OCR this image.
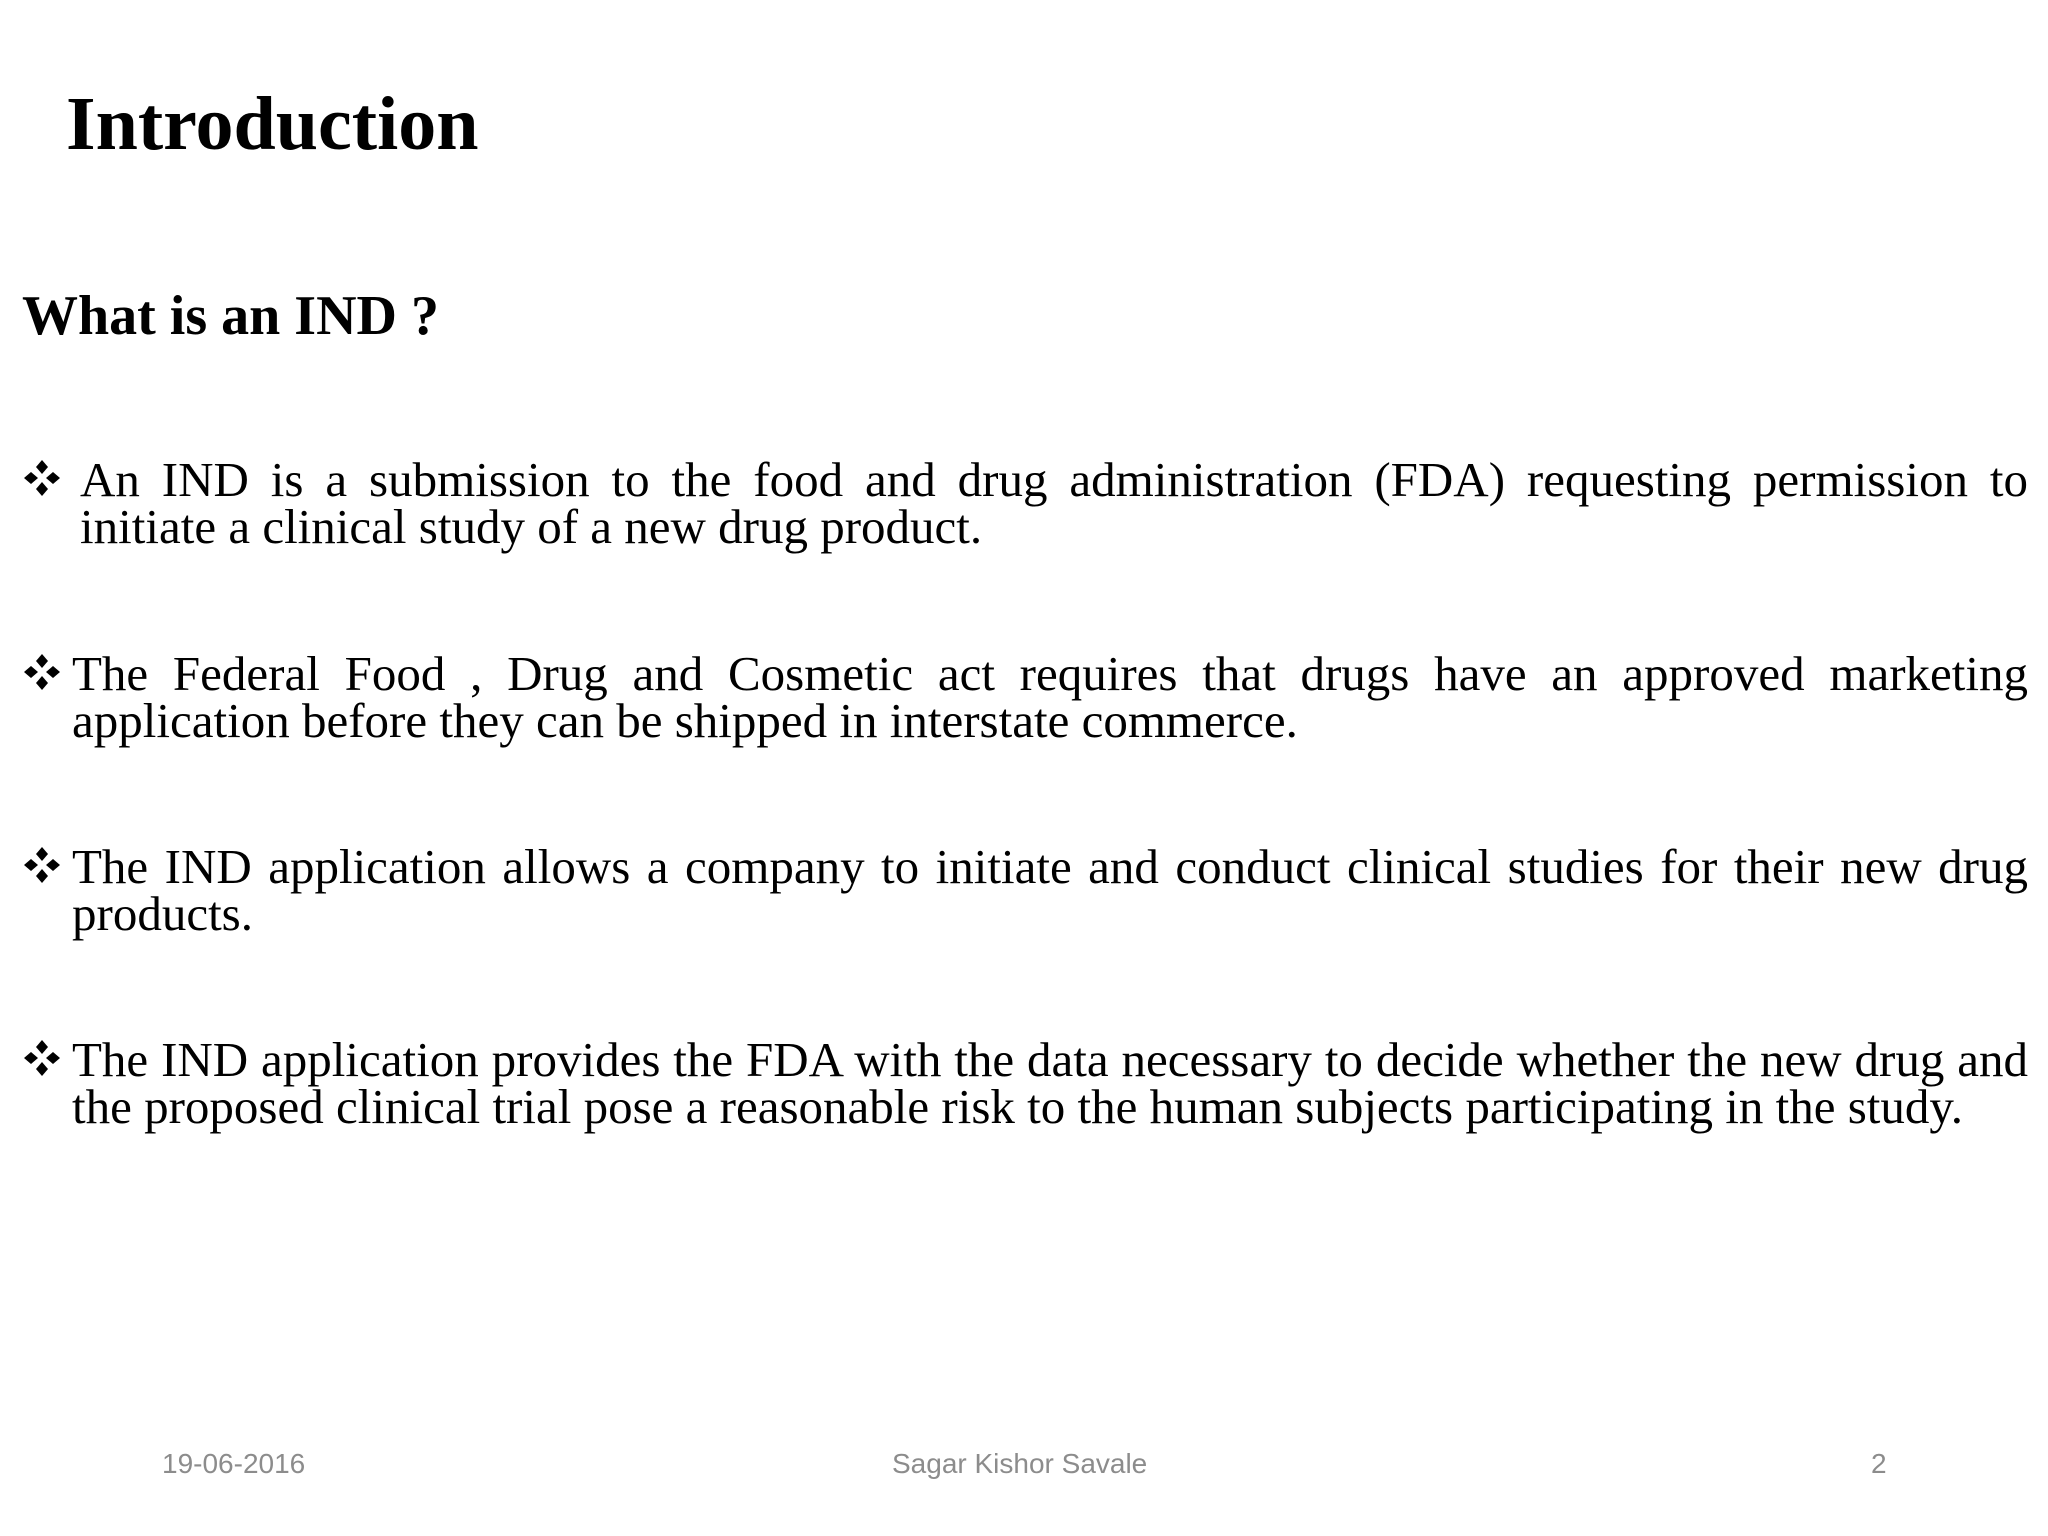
Introduction
What is an IND ?
An IND is a submission to the food and drug administration (FDA) requesting permission to initiate a clinical study of a new drug product.
The Federal Food , Drug and Cosmetic act requires that drugs have an approved marketing application before they can be shipped in interstate commerce.
The IND application allows a company to initiate and conduct clinical studies for their new drug products.
The IND application provides the FDA with the data necessary to decide whether the new drug and the proposed clinical trial pose a reasonable risk to the human subjects participating in the study.
19-06-2016	Sagar Kishor Savale	2
